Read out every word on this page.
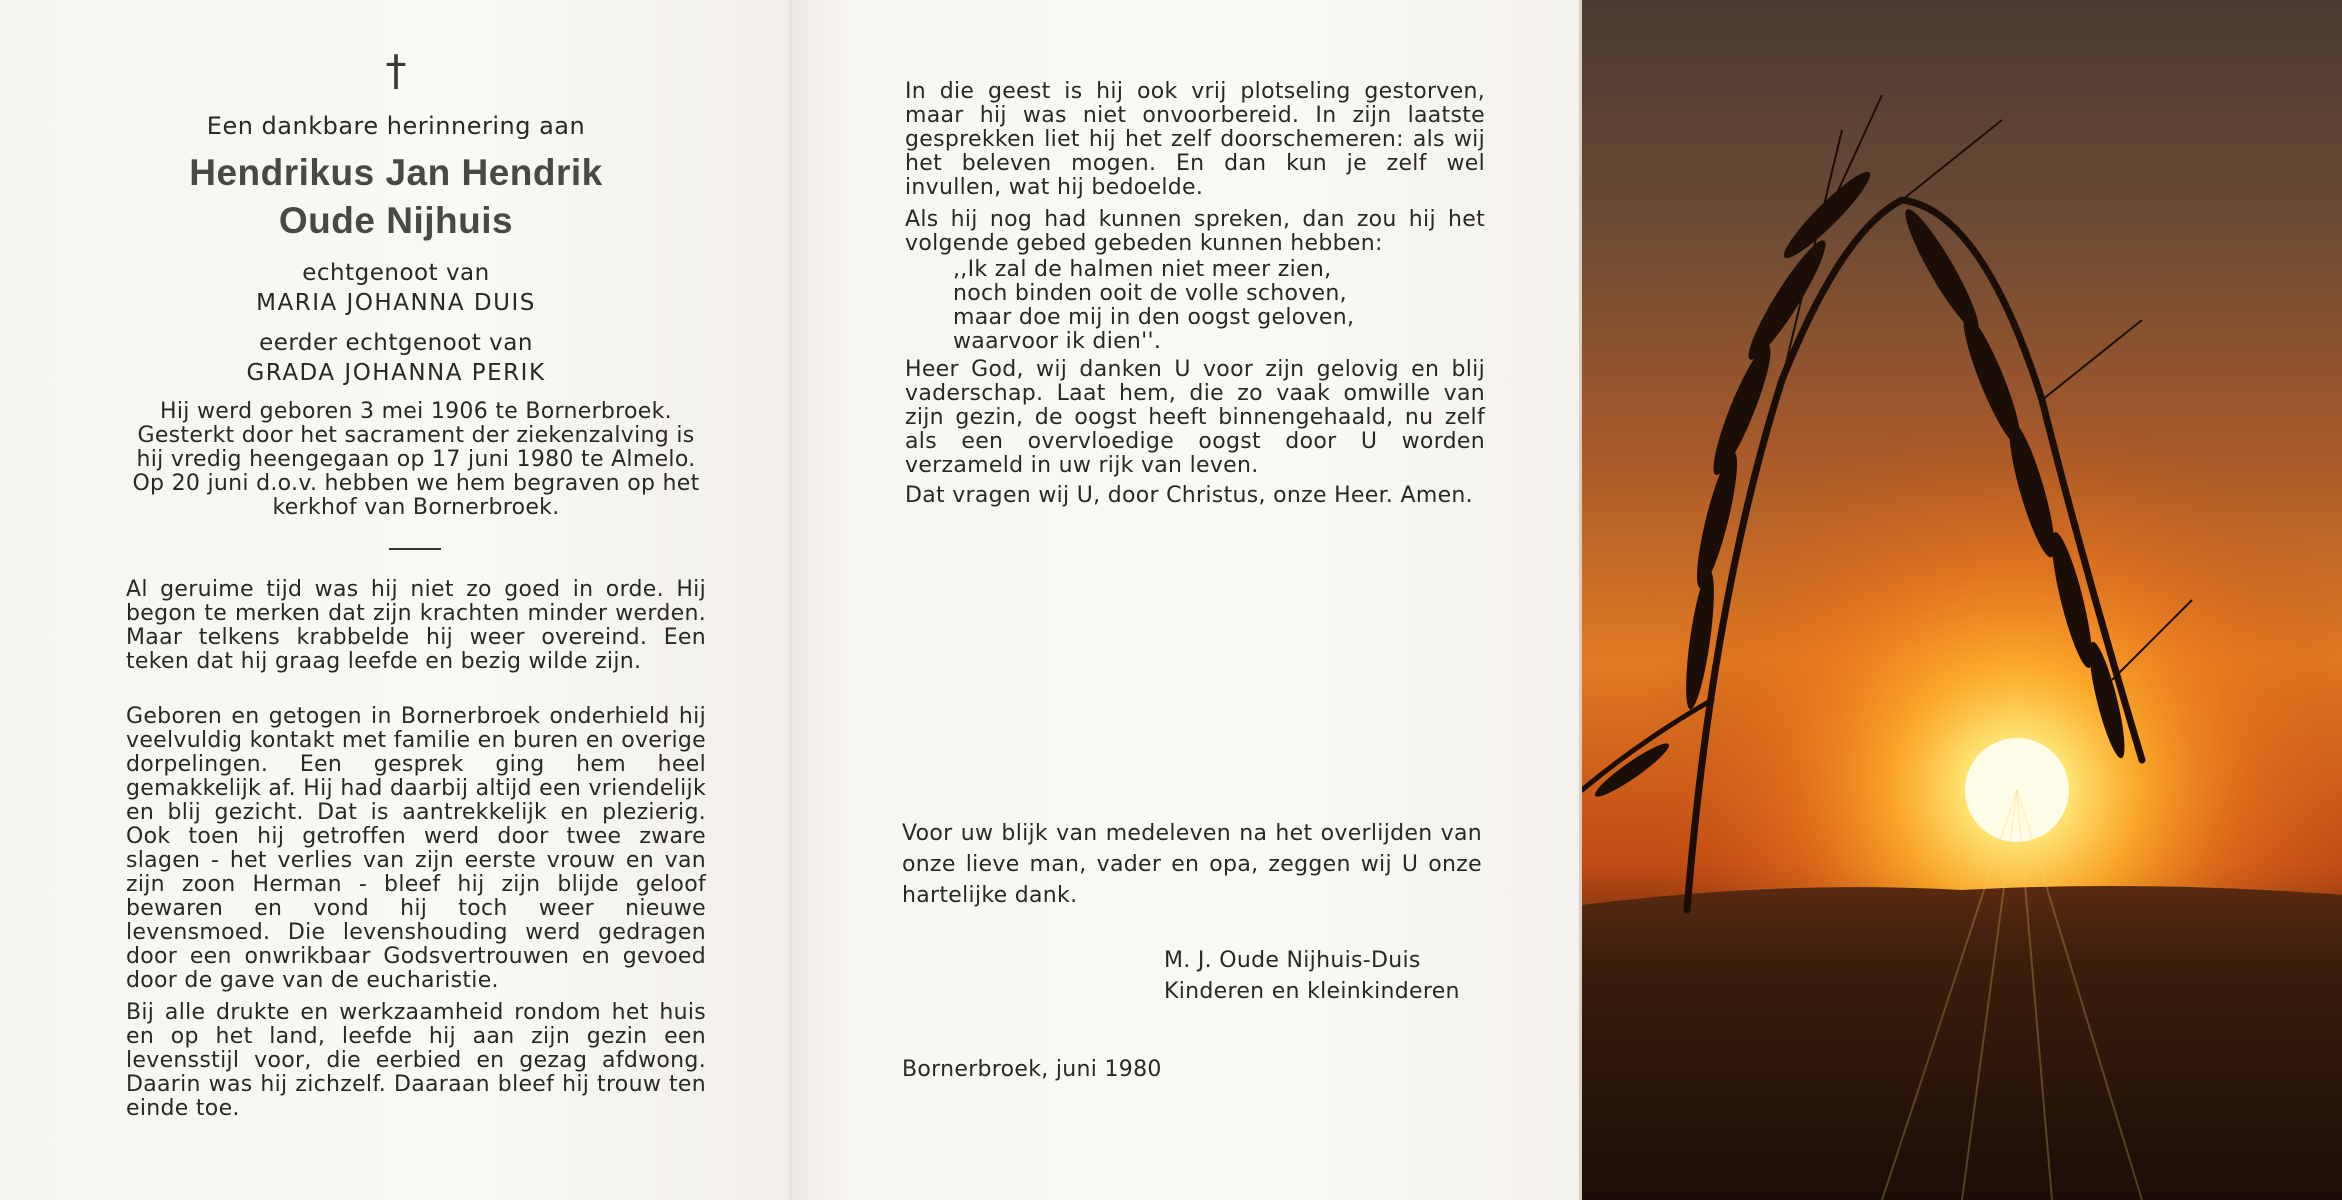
†
Een dankbare herinnering aan
Hendrikus Jan Hendrik
Oude Nijhuis
echtgenoot van
MARIA JOHANNA DUIS
eerder echtgenoot van
GRADA JOHANNA PERIK
Hij werd geboren 3 mei 1906 te Bornerbroek. Gesterkt door het sacrament der ziekenzalving is hij vredig heengegaan op 17 juni 1980 te Almelo. Op 20 juni d.o.v. hebben we hem begraven op het kerkhof van Bornerbroek.
Al geruime tijd was hij niet zo goed in orde. Hij begon te merken dat zijn krachten minder werden. Maar telkens krabbelde hij weer overeind. Een teken dat hij graag leefde en bezig wilde zijn.
Geboren en getogen in Bornerbroek onderhield hij veelvuldig kontakt met familie en buren en overige dorpelingen. Een gesprek ging hem heel gemakkelijk af. Hij had daarbij altijd een vriendelijk en blij gezicht. Dat is aantrekkelijk en plezierig. Ook toen hij getroffen werd door twee zware slagen - het verlies van zijn eerste vrouw en van zijn zoon Herman - bleef hij zijn blijde geloof bewaren en vond hij toch weer nieuwe levensmoed. Die levenshouding werd gedragen door een onwrikbaar Godsvertrouwen en gevoed door de gave van de eucharistie.
Bij alle drukte en werkzaamheid rondom het huis en op het land, leefde hij aan zijn gezin een levensstijl voor, die eerbied en gezag afdwong. Daarin was hij zichzelf. Daaraan bleef hij trouw ten einde toe.
In die geest is hij ook vrij plotseling gestorven, maar hij was niet onvoorbereid. In zijn laatste gesprekken liet hij het zelf doorschemeren: als wij het beleven mogen. En dan kun je zelf wel invullen, wat hij bedoelde.
Als hij nog had kunnen spreken, dan zou hij het volgende gebed gebeden kunnen hebben:
,,Ik zal de halmen niet meer zien,
noch binden ooit de volle schoven,
maar doe mij in den oogst geloven,
waarvoor ik dien''.
Heer God, wij danken U voor zijn gelovig en blij vaderschap. Laat hem, die zo vaak omwille van zijn gezin, de oogst heeft binnengehaald, nu zelf als een overvloedige oogst door U worden verzameld in uw rijk van leven.
Dat vragen wij U, door Christus, onze Heer. Amen.
Voor uw blijk van medeleven na het overlijden van onze lieve man, vader en opa, zeggen wij U onze hartelijke dank.
M. J. Oude Nijhuis-Duis
Kinderen en kleinkinderen
Bornerbroek, juni 1980
